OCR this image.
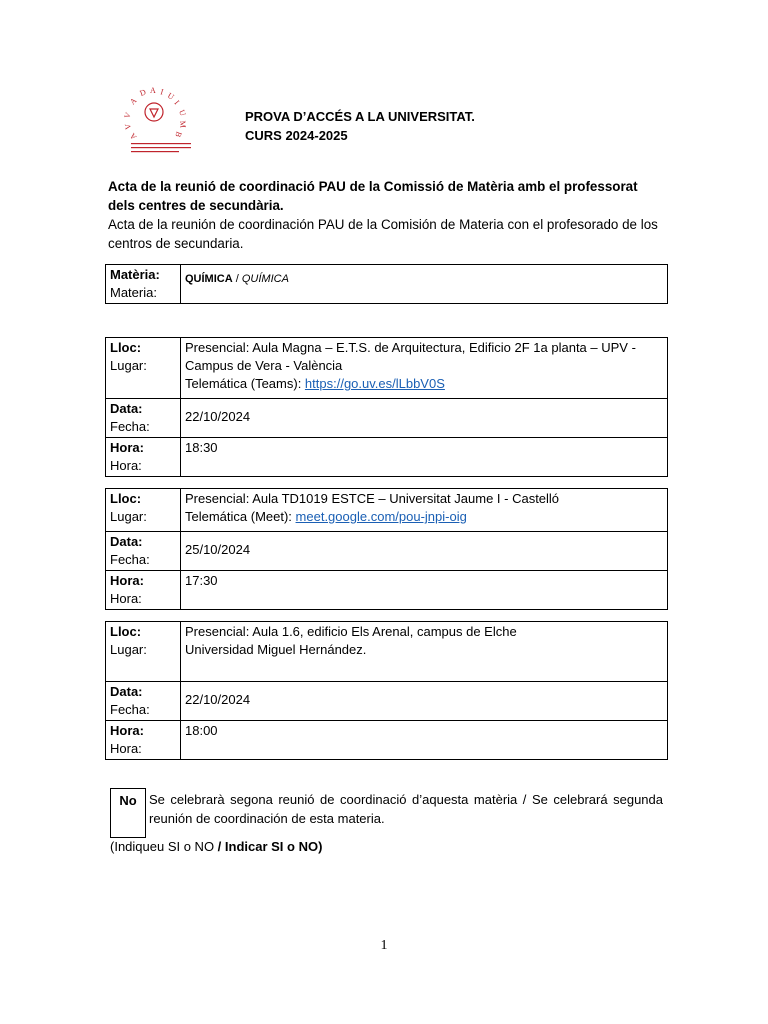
V
A
D A I U
I
U
M
B
V
A
PROVA D’ACCÉS A LA UNIVERSITAT.
CURS 2024-2025
Acta de la reunió de coordinació PAU de la Comissió de Matèria amb el professorat dels centres de secundària.
Acta de la reunión de coordinación PAU de la Comisión de Materia con el profesorado de los centros de secundaria.
Matèria:
Materia:
	QUÍMICA / QUÍMICA
Lloc:
Lugar:	Presencial: Aula Magna – E.T.S. de Arquitectura, Edificio 2F 1a planta – UPV - Campus de Vera - València
Telemática (Teams): https://go.uv.es/lLbbV0S

Data:
Fecha:	22/10/2024

Hora:
Hora:	18:30
Lloc:
Lugar:	Presencial: Aula TD1019 ESTCE – Universitat Jaume I - Castelló
Telemática (Meet): meet.google.com/pou-jnpi-oig

Data:
Fecha:	25/10/2024

Hora:
Hora:	17:30
Lloc:
Lugar:	Presencial: Aula 1.6, edificio Els Arenal, campus de Elche
Universidad Miguel Hernández.

Data:
Fecha:	22/10/2024

Hora:
Hora:	18:00
No Se celebrarà segona reunió de coordinació d’aquesta matèria / Se celebrará segunda reunión de coordinación de esta materia.
(Indiqueu SI o NO / Indicar SI o NO)
1
